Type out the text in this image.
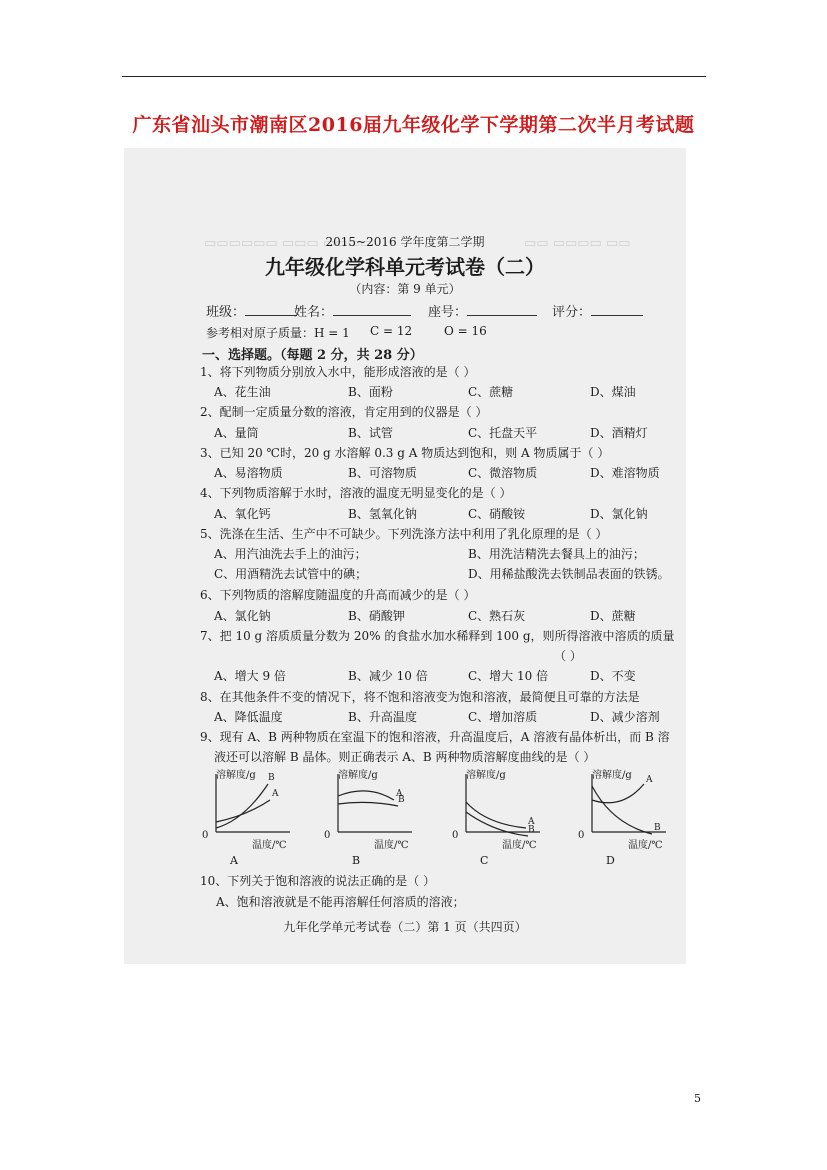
广东省汕头市潮南区2016届九年级化学下学期第二次半月考试题
▭▭▭▭▭▭ ▭▭▭ ▭▭▭▭	▭▭ ▭▭▭▭ ▭▭
2015~2016 学年度第二学期
九年级化学科单元考试卷（二）
（内容：第 9 单元）
班级：	姓名：	座号：	评分：
参考相对原子质量：H = 1 C = 12	O = 16
一、选择题。（每题 2 分，共 28 分）
1、将下列物质分别放入水中，能形成溶液的是（ ）
A、花生油	B、面粉	C、蔗糖	D、煤油
2、配制一定质量分数的溶液，肯定用到的仪器是（ ）
A、量筒	B、试管	C、托盘天平	D、酒精灯
3、已知 20 ℃时，20 g 水溶解 0.3 g A 物质达到饱和，则 A 物质属于（ ）
A、易溶物质	B、可溶物质	C、微溶物质	D、难溶物质
4、下列物质溶解于水时，溶液的温度无明显变化的是（ ）
A、氧化钙	B、氢氧化钠	C、硝酸铵	D、氯化钠
5、洗涤在生活、生产中不可缺少。下列洗涤方法中利用了乳化原理的是（ ）
A、用汽油洗去手上的油污；	B、用洗洁精洗去餐具上的油污；
C、用酒精洗去试管中的碘；	D、用稀盐酸洗去铁制品表面的铁锈。
6、下列物质的溶解度随温度的升高而减少的是（ ）
A、氯化钠	B、硝酸钾	C、熟石灰	D、蔗糖
7、把 10 g 溶质质量分数为 20% 的食盐水加水稀释到 100 g，则所得溶液中溶质的质量
（ ）
A、增大 9 倍	B、减少 10 倍	C、增大 10 倍	D、不变
8、在其他条件不变的情况下，将不饱和溶液变为饱和溶液，最简便且可靠的方法是
A、降低温度	B、升高温度	C、增加溶质	D、减少溶剂
9、现有 A、B 两种物质在室温下的饱和溶液，升高温度后，A 溶液有晶体析出，而 B 溶
液还可以溶解 B 晶体。则正确表示 A、B 两种物质溶解度曲线的是（ ）
A
B
溶解度/g
0
温度/℃
A
A
B
溶解度/g
0
温度/℃
B
A
B
溶解度/g
0
温度/℃
C
A
B
溶解度/g
0
温度/℃
D
10、下列关于饱和溶液的说法正确的是（ ）
A、饱和溶液就是不能再溶解任何溶质的溶液；
九年化学单元考试卷（二）第 1 页（共四页）
5
